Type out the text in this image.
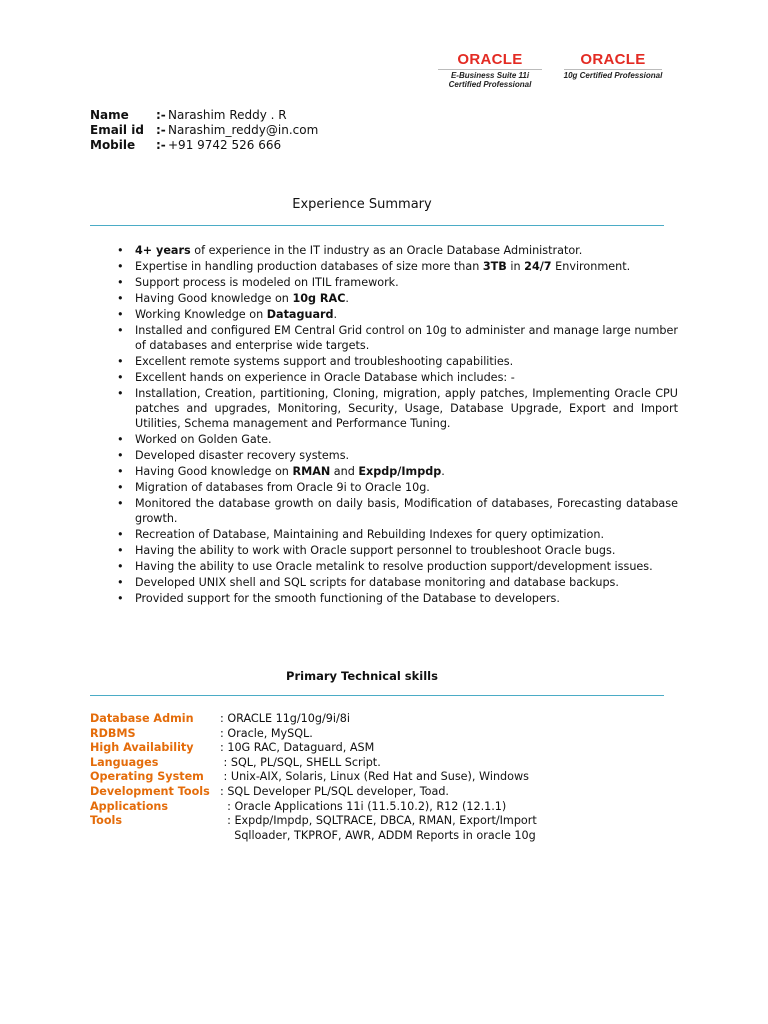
ORACLE
E-Business Suite 11i
Certified Professional
ORACLE
10g Certified Professional
Name	:- Narashim Reddy . R
Email id	:- Narashim_reddy@in.com
Mobile	:- +91 9742 526 666
Experience Summary
• 4+ years of experience in the IT industry as an Oracle Database Administrator.
• Expertise in handling production databases of size more than 3TB in 24/7 Environment.
• Support process is modeled on ITIL framework.
• Having Good knowledge on 10g RAC.
• Working Knowledge on Dataguard.
• Installed and configured EM Central Grid control on 10g to administer and manage large number of databases and enterprise wide targets.
• Excellent remote systems support and troubleshooting capabilities.
• Excellent hands on experience in Oracle Database which includes: -
• Installation, Creation, partitioning, Cloning, migration, apply patches, Implementing Oracle CPU patches and upgrades, Monitoring, Security, Usage, Database Upgrade, Export and Import Utilities, Schema management and Performance Tuning.
• Worked on Golden Gate.
• Developed disaster recovery systems.
• Having Good knowledge on RMAN and Expdp/Impdp.
• Migration of databases from Oracle 9i to Oracle 10g.
• Monitored the database growth on daily basis, Modification of databases, Forecasting database growth.
• Recreation of Database, Maintaining and Rebuilding Indexes for query optimization.
• Having the ability to work with Oracle support personnel to troubleshoot Oracle bugs.
• Having the ability to use Oracle metalink to resolve production support/development issues.
• Developed UNIX shell and SQL scripts for database monitoring and database backups.
• Provided support for the smooth functioning of the Database to developers.
Primary Technical skills
Database Admin	: ORACLE 11g/10g/9i/8i
RDBMS	: Oracle, MySQL.
High Availability	: 10G RAC, Dataguard, ASM
Languages	: SQL, PL/SQL, SHELL Script.
Operating System	: Unix-AIX, Solaris, Linux (Red Hat and Suse), Windows
Development Tools : SQL Developer PL/SQL developer, Toad.
Applications	: Oracle Applications 11i (11.5.10.2), R12 (12.1.1)
Tools	: Expdp/Impdp, SQLTRACE, DBCA, RMAN, Export/Import
Sqlloader, TKPROF, AWR, ADDM Reports in oracle 10g
